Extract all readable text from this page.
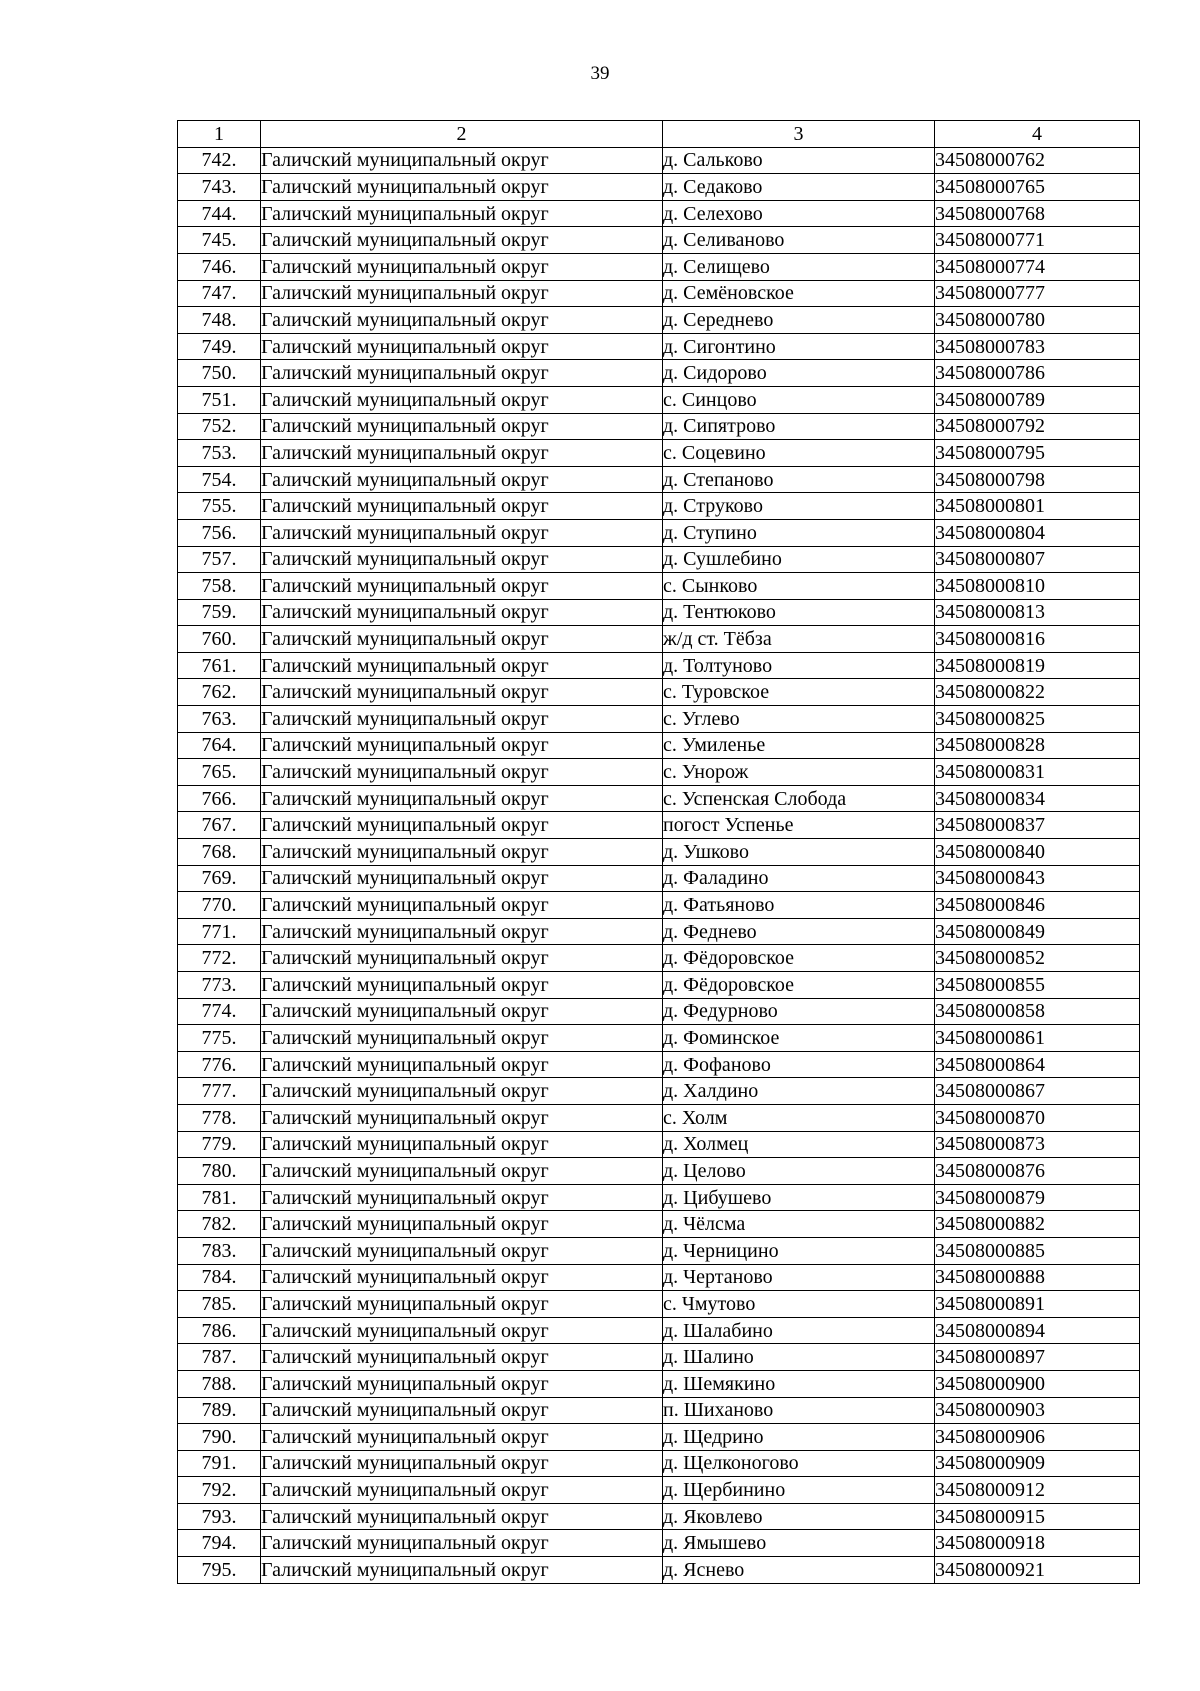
39
1	2	3	4
742.	Галичский муниципальный округ	д. Сальково	34508000762
743.	Галичский муниципальный округ	д. Седаково	34508000765
744.	Галичский муниципальный округ	д. Селехово	34508000768
745.	Галичский муниципальный округ	д. Селиваново	34508000771
746.	Галичский муниципальный округ	д. Селищево	34508000774
747.	Галичский муниципальный округ	д. Семёновское	34508000777
748.	Галичский муниципальный округ	д. Середнево	34508000780
749.	Галичский муниципальный округ	д. Сигонтино	34508000783
750.	Галичский муниципальный округ	д. Сидорово	34508000786
751.	Галичский муниципальный округ	с. Синцово	34508000789
752.	Галичский муниципальный округ	д. Сипятрово	34508000792
753.	Галичский муниципальный округ	с. Соцевино	34508000795
754.	Галичский муниципальный округ	д. Степаново	34508000798
755.	Галичский муниципальный округ	д. Струково	34508000801
756.	Галичский муниципальный округ	д. Ступино	34508000804
757.	Галичский муниципальный округ	д. Сушлебино	34508000807
758.	Галичский муниципальный округ	с. Сынково	34508000810
759.	Галичский муниципальный округ	д. Тентюково	34508000813
760.	Галичский муниципальный округ	ж/д ст. Тёбза	34508000816
761.	Галичский муниципальный округ	д. Толтуново	34508000819
762.	Галичский муниципальный округ	с. Туровское	34508000822
763.	Галичский муниципальный округ	с. Углево	34508000825
764.	Галичский муниципальный округ	с. Умиленье	34508000828
765.	Галичский муниципальный округ	с. Унорож	34508000831
766.	Галичский муниципальный округ	с. Успенская Слобода	34508000834
767.	Галичский муниципальный округ	погост Успенье	34508000837
768.	Галичский муниципальный округ	д. Ушково	34508000840
769.	Галичский муниципальный округ	д. Фаладино	34508000843
770.	Галичский муниципальный округ	д. Фатьяново	34508000846
771.	Галичский муниципальный округ	д. Феднево	34508000849
772.	Галичский муниципальный округ	д. Фёдоровское	34508000852
773.	Галичский муниципальный округ	д. Фёдоровское	34508000855
774.	Галичский муниципальный округ	д. Федурново	34508000858
775.	Галичский муниципальный округ	д. Фоминское	34508000861
776.	Галичский муниципальный округ	д. Фофаново	34508000864
777.	Галичский муниципальный округ	д. Халдино	34508000867
778.	Галичский муниципальный округ	с. Холм	34508000870
779.	Галичский муниципальный округ	д. Холмец	34508000873
780.	Галичский муниципальный округ	д. Целово	34508000876
781.	Галичский муниципальный округ	д. Цибушево	34508000879
782.	Галичский муниципальный округ	д. Чёлсма	34508000882
783.	Галичский муниципальный округ	д. Черницино	34508000885
784.	Галичский муниципальный округ	д. Чертаново	34508000888
785.	Галичский муниципальный округ	с. Чмутово	34508000891
786.	Галичский муниципальный округ	д. Шалабино	34508000894
787.	Галичский муниципальный округ	д. Шалино	34508000897
788.	Галичский муниципальный округ	д. Шемякино	34508000900
789.	Галичский муниципальный округ	п. Шиханово	34508000903
790.	Галичский муниципальный округ	д. Щедрино	34508000906
791.	Галичский муниципальный округ	д. Щелконогово	34508000909
792.	Галичский муниципальный округ	д. Щербинино	34508000912
793.	Галичский муниципальный округ	д. Яковлево	34508000915
794.	Галичский муниципальный округ	д. Ямышево	34508000918
795.	Галичский муниципальный округ	д. Яснево	34508000921
